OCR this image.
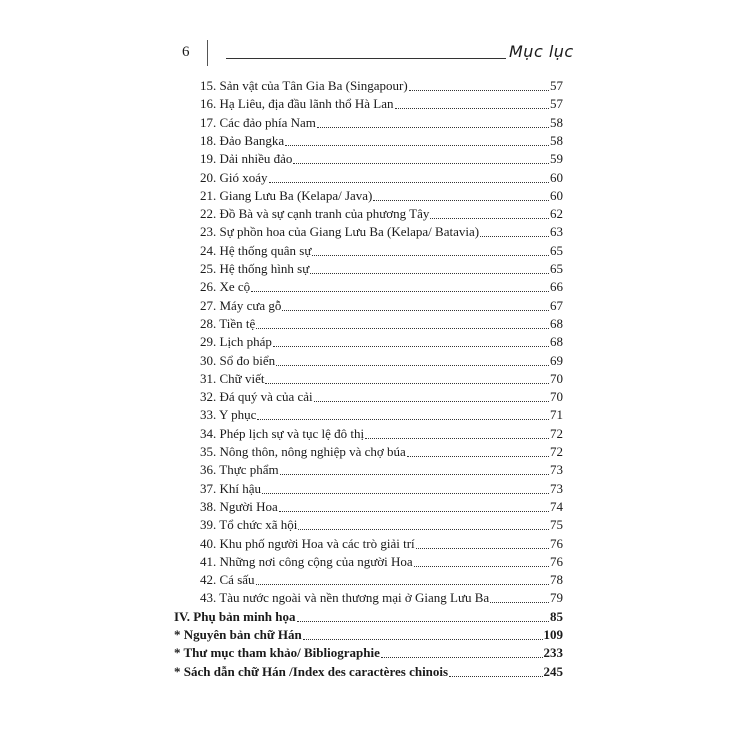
6	Mục lục
15. Sản vật của Tân Gia Ba (Singapour)	57
16. Hạ Liêu, địa đầu lãnh thổ Hà Lan	57
17. Các đảo phía Nam	58
18. Đảo Bangka	58
19. Dải nhiều đảo	59
20. Gió xoáy	60
21. Giang Lưu Ba (Kelapa/ Java)	60
22. Đồ Bà và sự cạnh tranh của phương Tây	62
23. Sự phồn hoa của Giang Lưu Ba (Kelapa/ Batavia)	63
24. Hệ thống quân sự	65
25. Hệ thống hình sự	65
26. Xe cộ	66
27. Máy cưa gỗ	67
28. Tiền tệ	68
29. Lịch pháp	68
30. Sổ đo biển	69
31. Chữ viết	70
32. Đá quý và của cải	70
33. Y phục	71
34. Phép lịch sự và tục lệ đô thị	72
35. Nông thôn, nông nghiệp và chợ búa	72
36. Thực phẩm	73
37. Khí hậu	73
38. Người Hoa	74
39. Tổ chức xã hội	75
40. Khu phố người Hoa và các trò giải trí	76
41. Những nơi công cộng của người Hoa	76
42. Cá sấu	78
43. Tàu nước ngoài và nền thương mại ở Giang Lưu Ba	79
IV. Phụ bản minh họa	85
* Nguyên bản chữ Hán	109
* Thư mục tham khảo/ Bibliographie	233
* Sách dẫn chữ Hán /Index des caractères chinois	245
